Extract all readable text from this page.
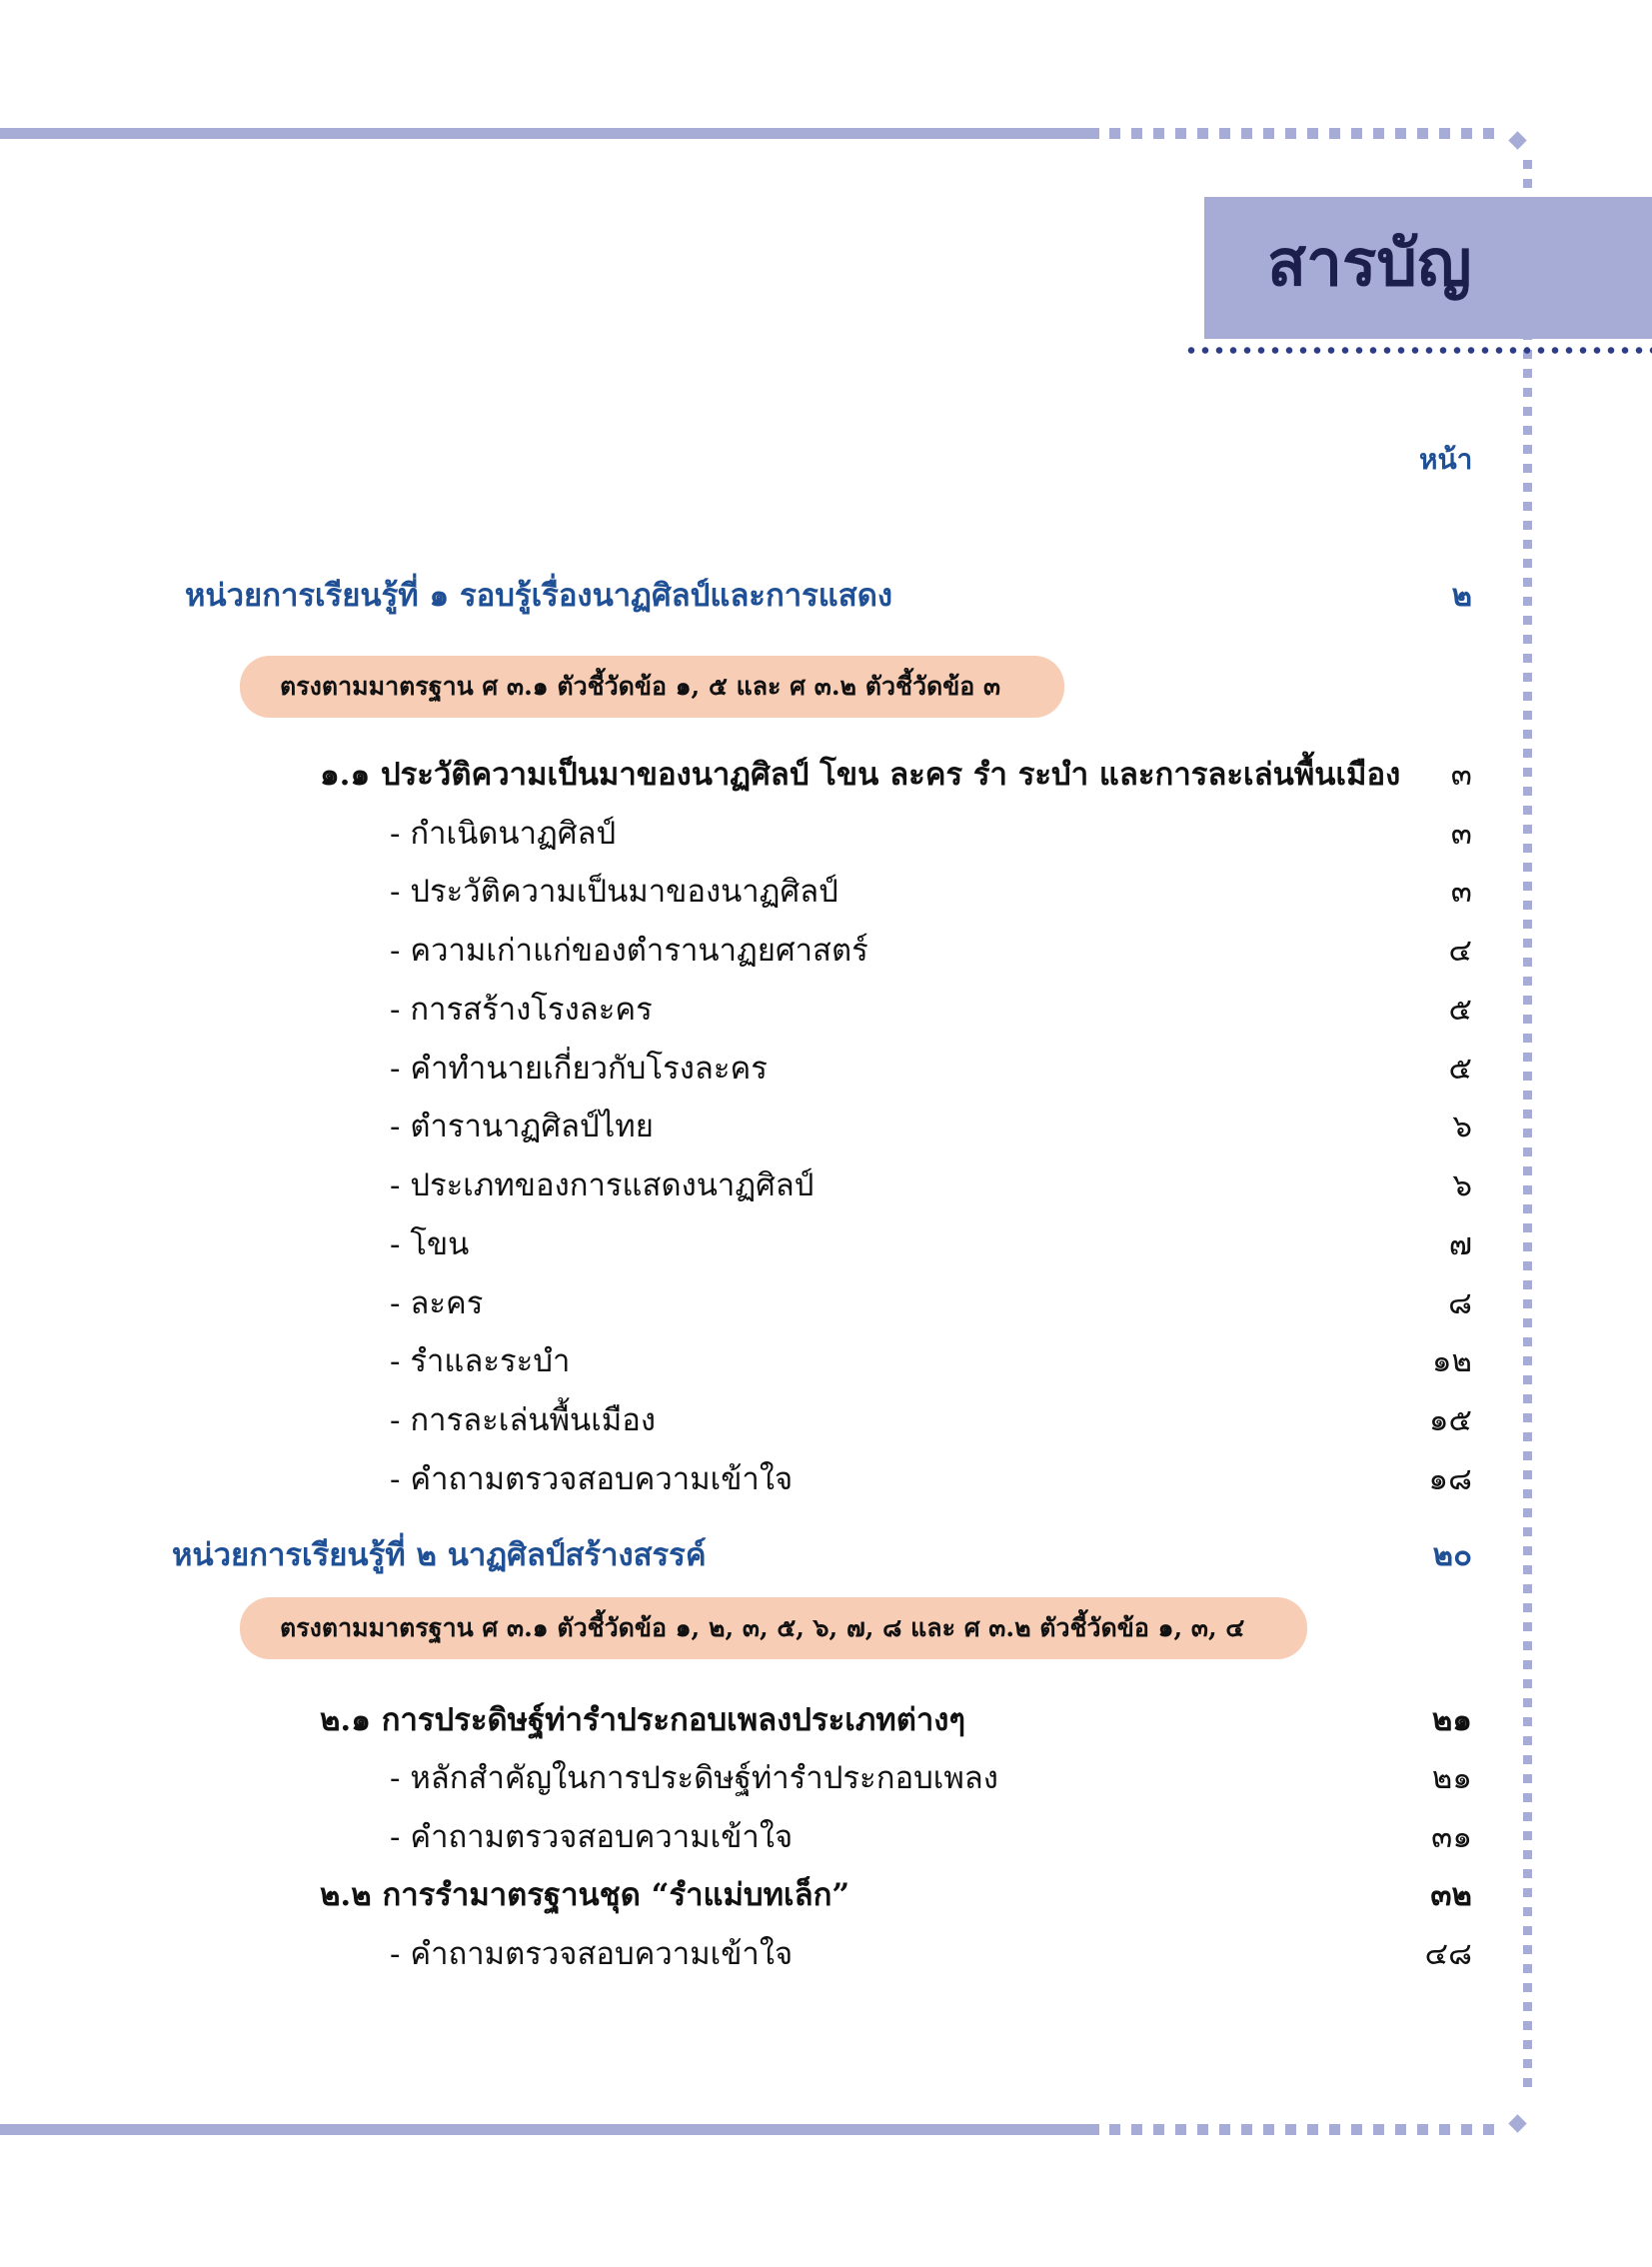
สารบัญ
หน้า
หน่วยการเรียนรู้ที่ ๑ รอบรู้เรื่องนาฏศิลป์และการแสดง	๒
ตรงตามมาตรฐาน ศ ๓.๑ ตัวชี้วัดข้อ ๑, ๕ และ ศ ๓.๒ ตัวชี้วัดข้อ ๓
๑.๑ ประวัติความเป็นมาของนาฏศิลป์ โขน ละคร รำ ระบำ และการละเล่นพื้นเมือง ๓
- กำเนิดนาฏศิลป์	๓
- ประวัติความเป็นมาของนาฏศิลป์	๓
- ความเก่าแก่ของตำรานาฏยศาสตร์	๔
- การสร้างโรงละคร	๕
- คำทำนายเกี่ยวกับโรงละคร	๕
- ตำรานาฏศิลป์ไทย	๖
- ประเภทของการแสดงนาฏศิลป์	๖
- โขน	๗
- ละคร	๘
- รำและระบำ	๑๒
- การละเล่นพื้นเมือง	๑๕
- คำถามตรวจสอบความเข้าใจ	๑๘
หน่วยการเรียนรู้ที่ ๒ นาฏศิลป์สร้างสรรค์	๒๐
ตรงตามมาตรฐาน ศ ๓.๑ ตัวชี้วัดข้อ ๑, ๒, ๓, ๕, ๖, ๗, ๘ และ ศ ๓.๒ ตัวชี้วัดข้อ ๑, ๓, ๔
๒.๑ การประดิษฐ์ท่ารำประกอบเพลงประเภทต่างๆ	๒๑
- หลักสำคัญในการประดิษฐ์ท่ารำประกอบเพลง	๒๑
- คำถามตรวจสอบความเข้าใจ	๓๑
๒.๒ การรำมาตรฐานชุด “รำแม่บทเล็ก”	๓๒
- คำถามตรวจสอบความเข้าใจ	๔๘
